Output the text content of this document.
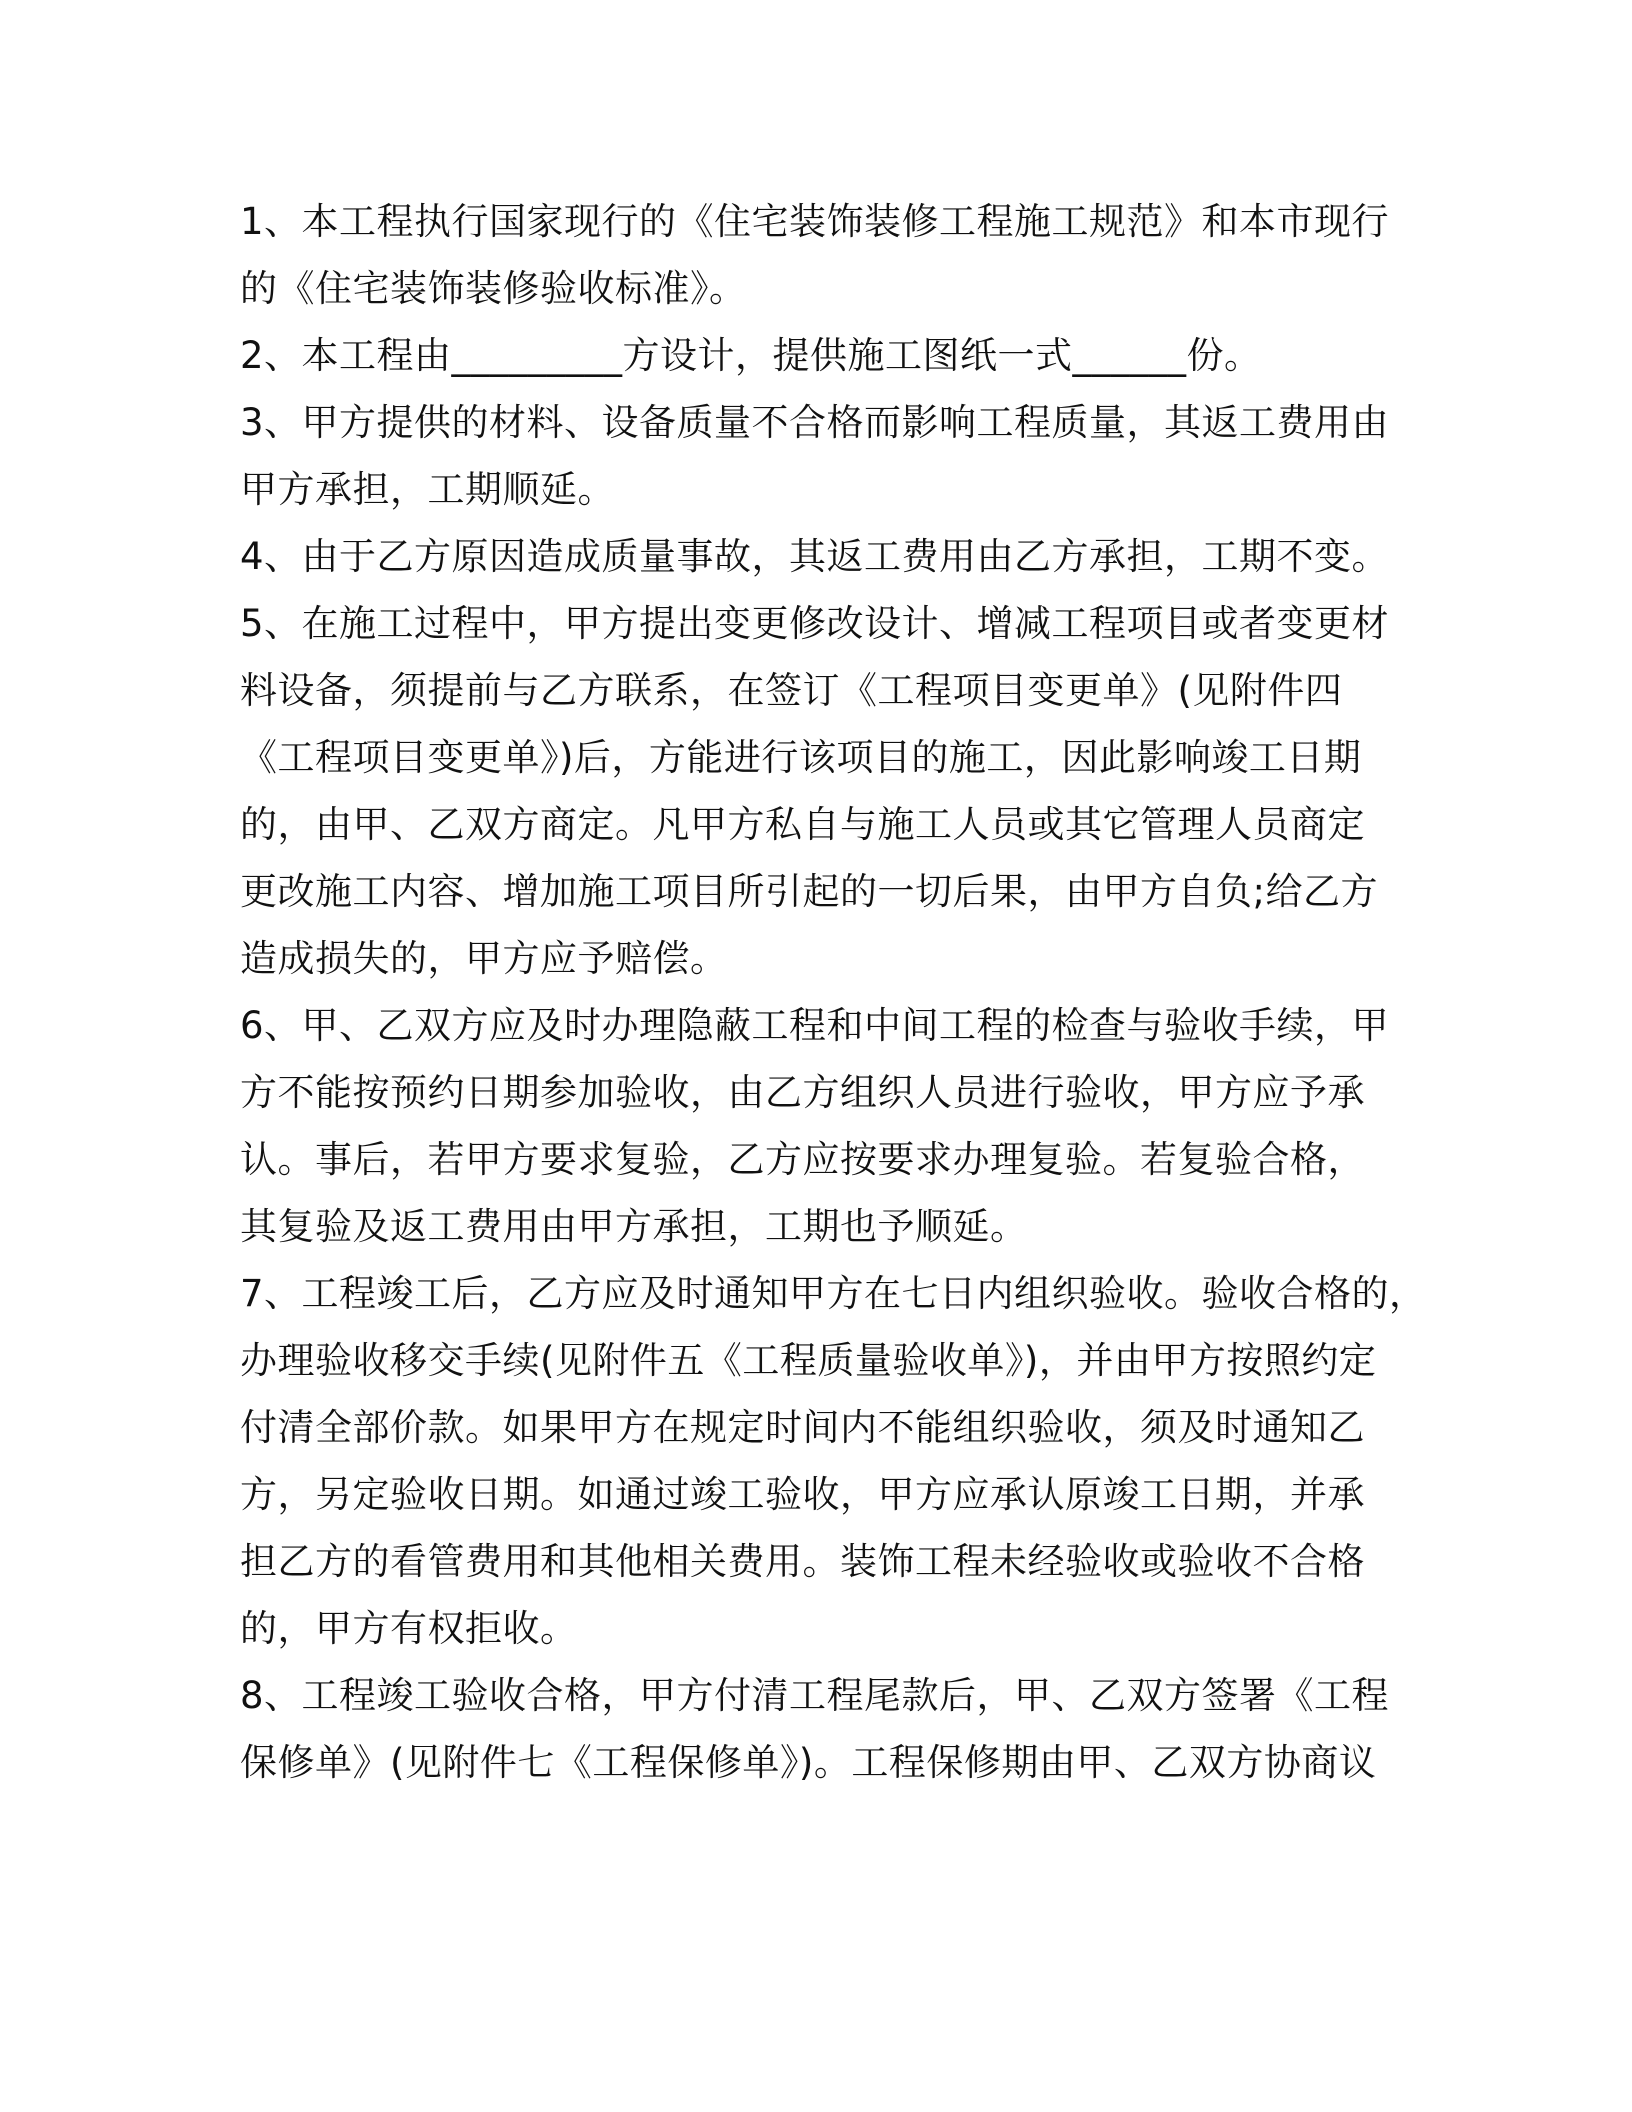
1、本工程执行国家现行的《住宅装饰装修工程施工规范》和本市现行
的《住宅装饰装修验收标准》。
2、本工程由_________方设计，提供施工图纸一式______份。
3、甲方提供的材料、设备质量不合格而影响工程质量，其返工费用由
甲方承担，工期顺延。
4、由于乙方原因造成质量事故，其返工费用由乙方承担，工期不变。
5、在施工过程中，甲方提出变更修改设计、增减工程项目或者变更材
料设备，须提前与乙方联系，在签订《工程项目变更单》(见附件四
《工程项目变更单》)后，方能进行该项目的施工，因此影响竣工日期
的，由甲、乙双方商定。凡甲方私自与施工人员或其它管理人员商定
更改施工内容、增加施工项目所引起的一切后果，由甲方自负;给乙方
造成损失的，甲方应予赔偿。
6、甲、乙双方应及时办理隐蔽工程和中间工程的检查与验收手续，甲
方不能按预约日期参加验收，由乙方组织人员进行验收，甲方应予承
认。事后，若甲方要求复验，乙方应按要求办理复验。若复验合格，
其复验及返工费用由甲方承担，工期也予顺延。
7、工程竣工后，乙方应及时通知甲方在七日内组织验收。验收合格的，
办理验收移交手续(见附件五《工程质量验收单》)，并由甲方按照约定
付清全部价款。如果甲方在规定时间内不能组织验收，须及时通知乙
方，另定验收日期。如通过竣工验收，甲方应承认原竣工日期，并承
担乙方的看管费用和其他相关费用。装饰工程未经验收或验收不合格
的，甲方有权拒收。
8、工程竣工验收合格，甲方付清工程尾款后，甲、乙双方签署《工程
保修单》(见附件七《工程保修单》)。工程保修期由甲、乙双方协商议
